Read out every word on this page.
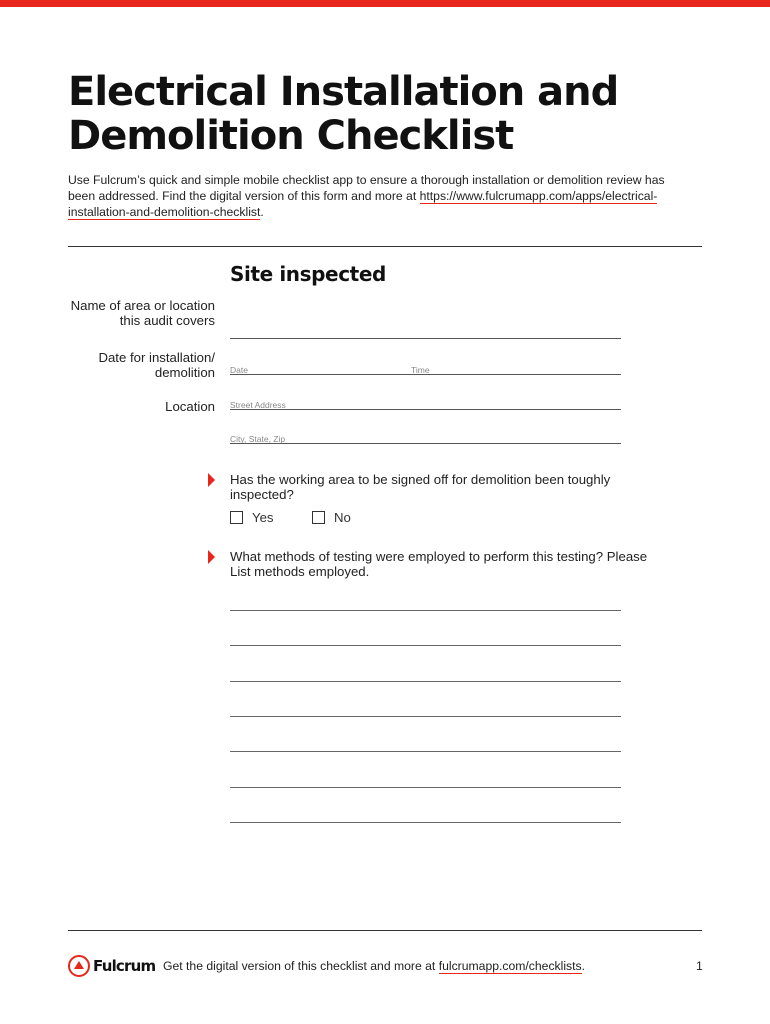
Electrical Installation and
Demolition Checklist

Use Fulcrum’s quick and simple mobile checklist app to ensure a thorough installation or demolition review has been addressed. Find the digital version of this form and more at https://www.fulcrumapp.com/apps/electrical-installation-and-demolition-checklist.

Site inspected
Name of area or location this audit covers
Date for installation/ demolition Date	Time
Location Street Address
City, State, Zip
Has the working area to be signed off for demolition been toughly inspected?
Yes	No
What methods of testing were employed to perform this testing? Please List methods employed.
Fulcrum Get the digital version of this checklist and more at fulcrumapp.com/checklists.	1
